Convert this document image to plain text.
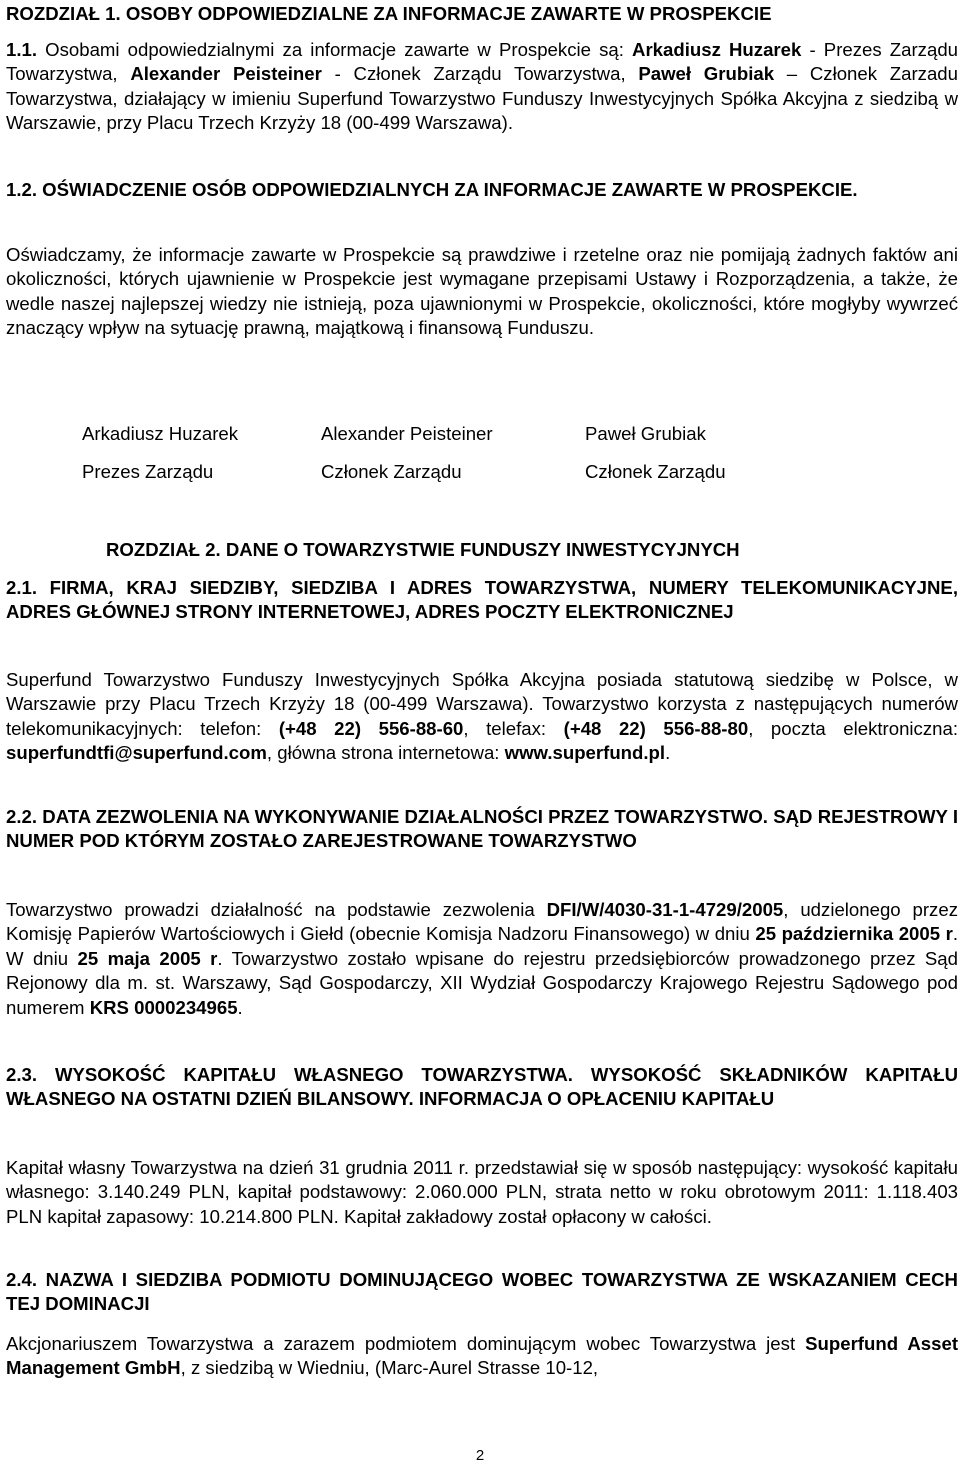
ROZDZIAŁ 1. OSOBY ODPOWIEDZIALNE ZA INFORMACJE ZAWARTE W PROSPEKCIE

1.1. Osobami odpowiedzialnymi za informacje zawarte w Prospekcie są: Arkadiusz Huzarek - Prezes Zarządu Towarzystwa, Alexander Peisteiner - Członek Zarządu Towarzystwa, Paweł Grubiak – Członek Zarzadu Towarzystwa, działający w imieniu Superfund Towarzystwo Funduszy Inwestycyjnych Spółka Akcyjna z siedzibą w Warszawie, przy Placu Trzech Krzyży 18 (00-499 Warszawa).

1.2. OŚWIADCZENIE OSÓB ODPOWIEDZIALNYCH ZA INFORMACJE ZAWARTE W PROSPEKCIE.

Oświadczamy, że informacje zawarte w Prospekcie są prawdziwe i rzetelne oraz nie pomijają żadnych faktów ani okoliczności, których ujawnienie w Prospekcie jest wymagane przepisami Ustawy i Rozporządzenia, a także, że wedle naszej najlepszej wiedzy nie istnieją, poza ujawnionymi w Prospekcie, okoliczności, które mogłyby wywrzeć znaczący wpływ na sytuację prawną, majątkową i finansową Funduszu.

Arkadiusz Huzarek	Alexander Peisteiner	Paweł Grubiak
Prezes Zarządu	Członek Zarządu	Członek Zarządu
ROZDZIAŁ 2. DANE O TOWARZYSTWIE FUNDUSZY INWESTYCYJNYCH

2.1. FIRMA, KRAJ SIEDZIBY, SIEDZIBA I ADRES TOWARZYSTWA, NUMERY TELEKOMUNIKACYJNE, ADRES GŁÓWNEJ STRONY INTERNETOWEJ, ADRES POCZTY ELEKTRONICZNEJ

Superfund Towarzystwo Funduszy Inwestycyjnych Spółka Akcyjna posiada statutową siedzibę w Polsce, w Warszawie przy Placu Trzech Krzyży 18 (00-499 Warszawa). Towarzystwo korzysta z następujących numerów telekomunikacyjnych: telefon: (+48 22) 556-88-60, telefax: (+48 22) 556-88-80, poczta elektroniczna: superfundtfi@superfund.com, główna strona internetowa: www.superfund.pl.

2.2. DATA ZEZWOLENIA NA WYKONYWANIE DZIAŁALNOŚCI PRZEZ TOWARZYSTWO. SĄD REJESTROWY I NUMER POD KTÓRYM ZOSTAŁO ZAREJESTROWANE TOWARZYSTWO

Towarzystwo prowadzi działalność na podstawie zezwolenia DFI/W/4030-31-1-4729/2005, udzielonego przez Komisję Papierów Wartościowych i Giełd (obecnie Komisja Nadzoru Finansowego) w dniu 25 października 2005 r. W dniu 25 maja 2005 r. Towarzystwo zostało wpisane do rejestru przedsiębiorców prowadzonego przez Sąd Rejonowy dla m. st. Warszawy, Sąd Gospodarczy, XII Wydział Gospodarczy Krajowego Rejestru Sądowego pod numerem KRS 0000234965.

2.3. WYSOKOŚĆ KAPITAŁU WŁASNEGO TOWARZYSTWA. WYSOKOŚĆ SKŁADNIKÓW KAPITAŁU WŁASNEGO NA OSTATNI DZIEŃ BILANSOWY. INFORMACJA O OPŁACENIU KAPITAŁU

Kapitał własny Towarzystwa na dzień 31 grudnia 2011 r. przedstawiał się w sposób następujący: wysokość kapitału własnego: 3.140.249 PLN, kapitał podstawowy: 2.060.000 PLN, strata netto w roku obrotowym 2011: 1.118.403 PLN kapitał zapasowy: 10.214.800 PLN. Kapitał zakładowy został opłacony w całości.

2.4. NAZWA I SIEDZIBA PODMIOTU DOMINUJĄCEGO WOBEC TOWARZYSTWA ZE WSKAZANIEM CECH TEJ DOMINACJI

Akcjonariuszem Towarzystwa a zarazem podmiotem dominującym wobec Towarzystwa jest Superfund Asset Management GmbH, z siedzibą w Wiedniu, (Marc-Aurel Strasse 10-12,

2
